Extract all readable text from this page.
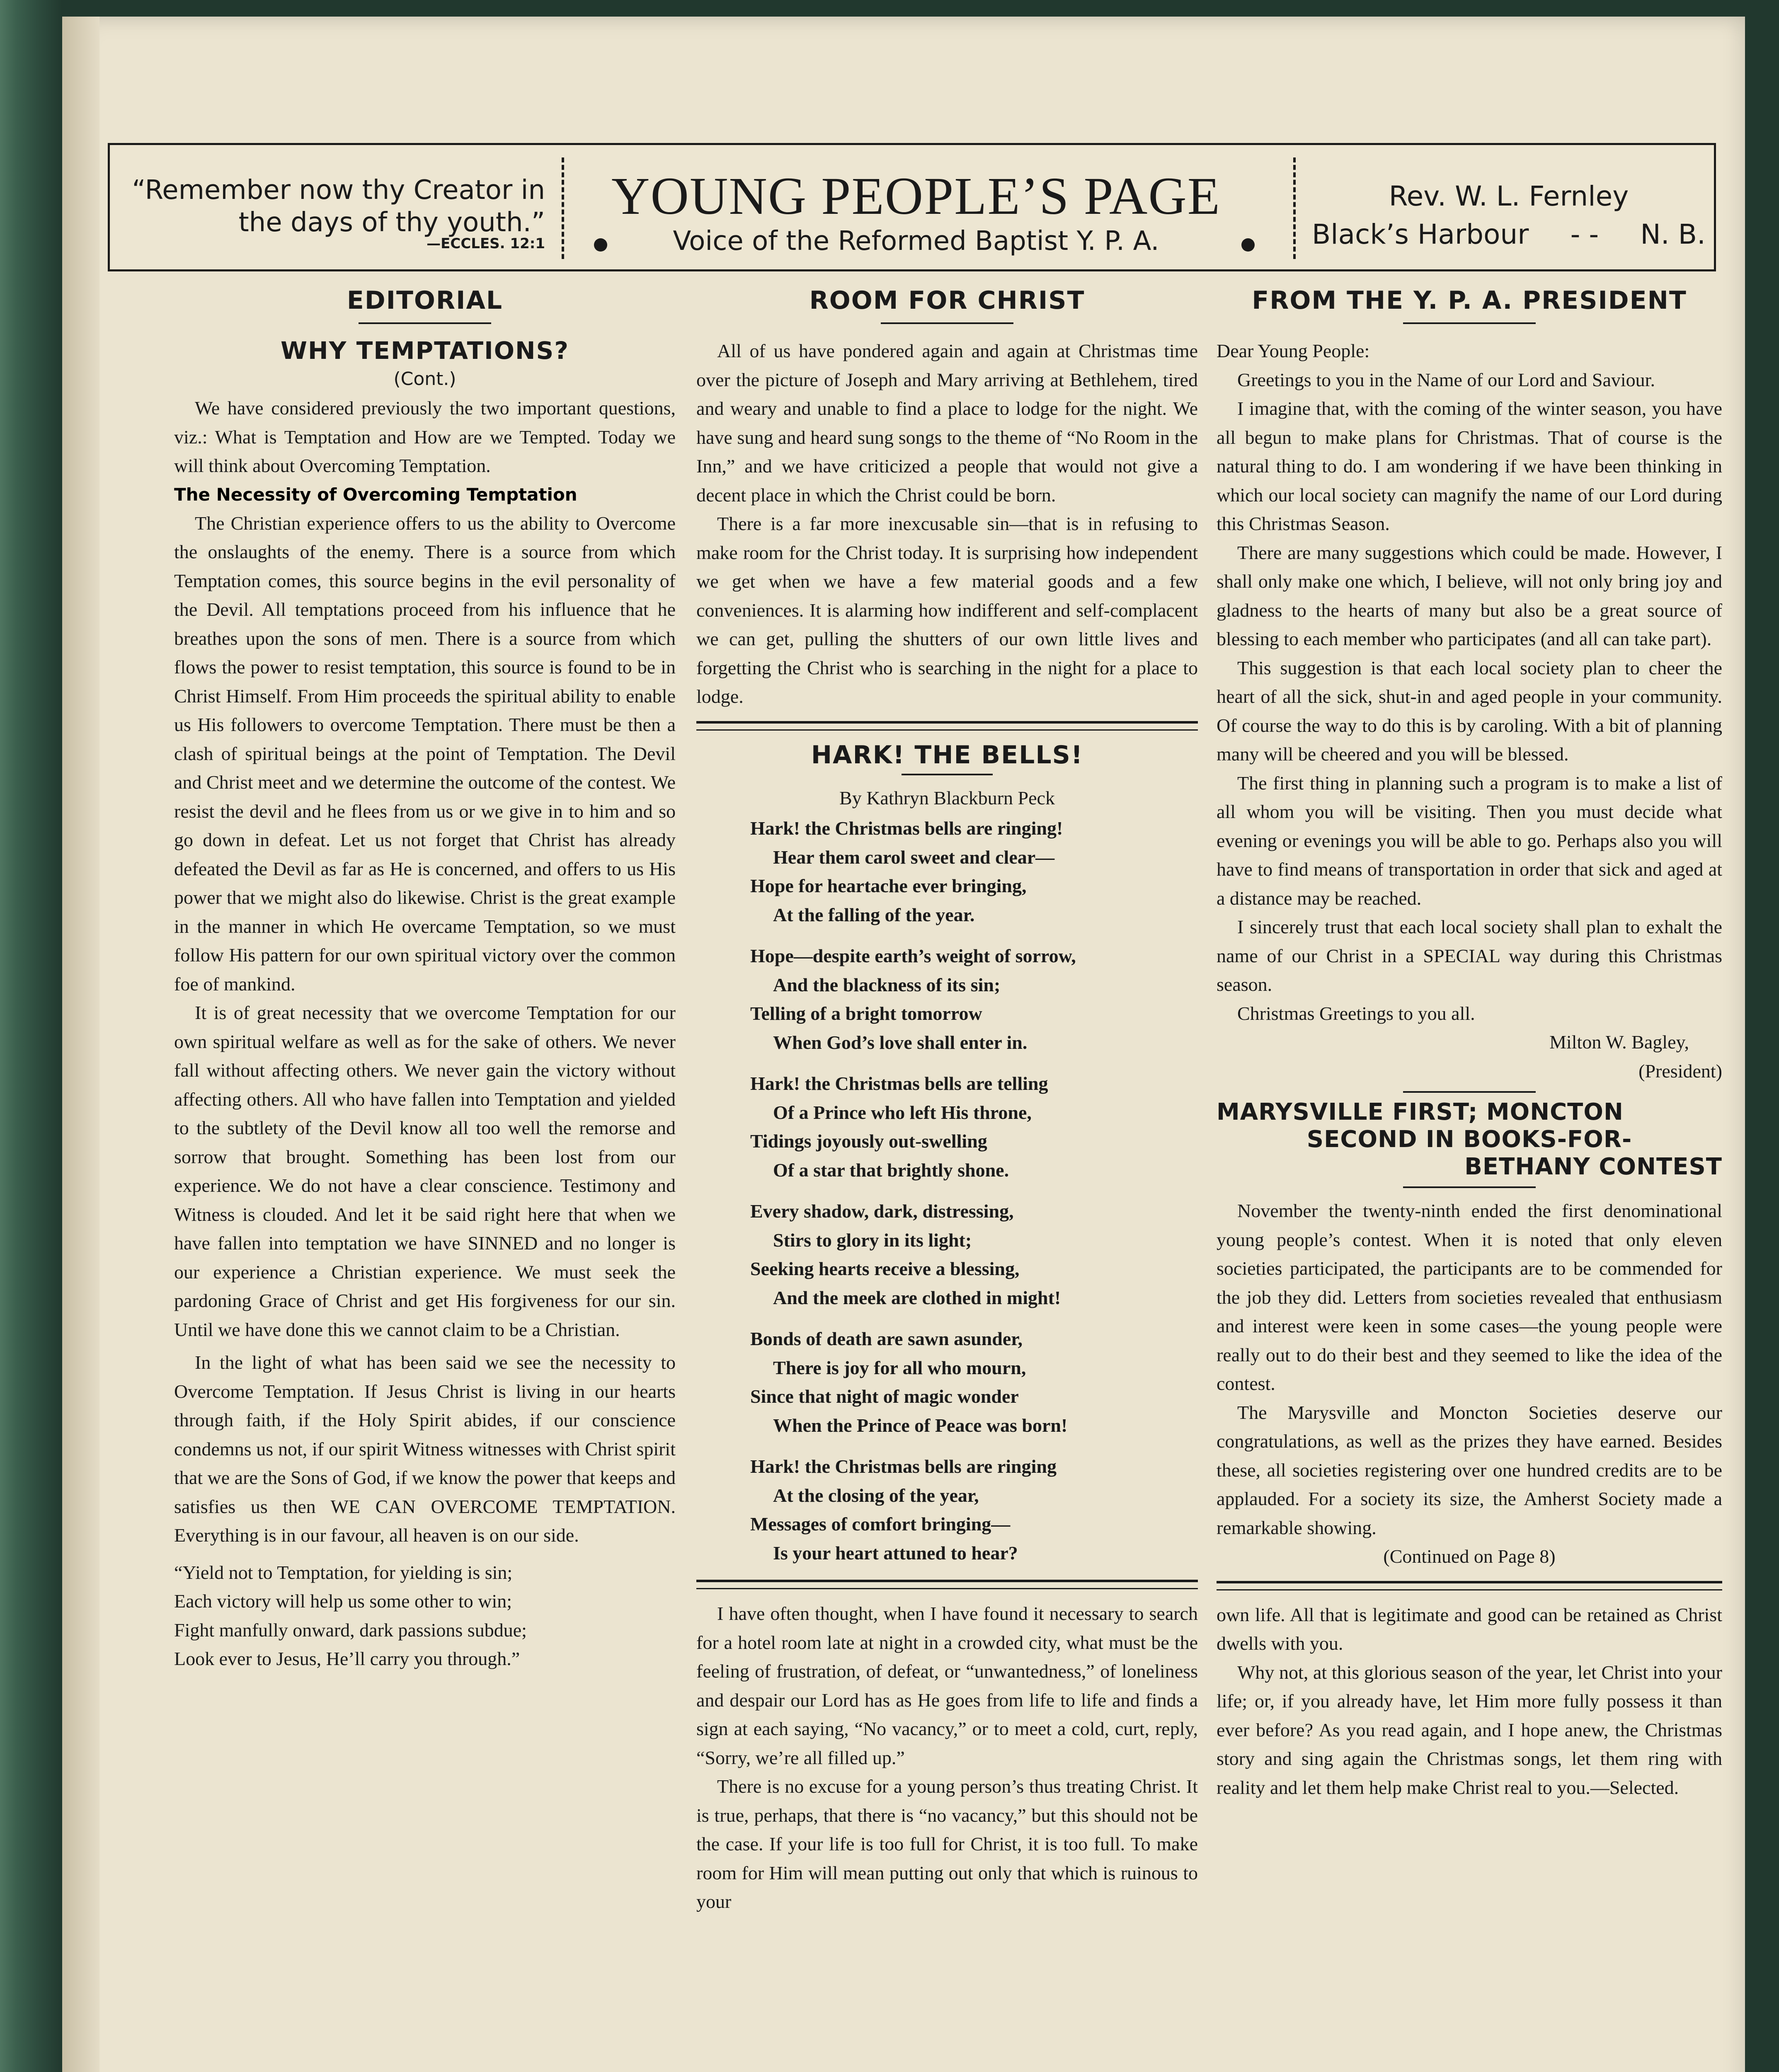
“Remember now thy Creator in the days of thy youth.”
—ECCLES. 12:1
YOUNG PEOPLE’S PAGE
Voice of the Reformed Baptist Y. P. A.
Rev. W. L. Fernley
Black’s Harbour - - N. B.
EDITORIAL
WHY TEMPTATIONS?
(Cont.)

We have considered previously the two important questions, viz.: What is Temptation and How are we Tempted. Today we will think about Overcoming Temptation.

The Necessity of Overcoming Temptation

The Christian experience offers to us the ability to Overcome the onslaughts of the enemy. There is a source from which Temptation comes, this source begins in the evil personality of the Devil. All temptations proceed from his influence that he breathes upon the sons of men. There is a source from which flows the power to resist temptation, this source is found to be in Christ Himself. From Him proceeds the spiritual ability to enable us His followers to overcome Temptation. There must be then a clash of spiritual beings at the point of Temptation. The Devil and Christ meet and we determine the outcome of the contest. We resist the devil and he flees from us or we give in to him and so go down in defeat. Let us not forget that Christ has already defeated the Devil as far as He is concerned, and offers to us His power that we might also do likewise. Christ is the great example in the manner in which He overcame Temptation, so we must follow His pattern for our own spiritual victory over the common foe of mankind.

It is of great necessity that we overcome Temptation for our own spiritual welfare as well as for the sake of others. We never fall without affecting others. We never gain the victory without affecting others. All who have fallen into Temptation and yielded to the subtlety of the Devil know all too well the remorse and sorrow that brought. Something has been lost from our experience. We do not have a clear conscience. Testimony and Witness is clouded. And let it be said right here that when we have fallen into temptation we have SINNED and no longer is our experience a Christian experience. We must seek the pardoning Grace of Christ and get His forgiveness for our sin. Until we have done this we cannot claim to be a Christian.

In the light of what has been said we see the necessity to Overcome Temptation. If Jesus Christ is living in our hearts through faith, if the Holy Spirit abides, if our conscience condemns us not, if our spirit Witness witnesses with Christ spirit that we are the Sons of God, if we know the power that keeps and satisfies us then WE CAN OVERCOME TEMPTATION. Everything is in our favour, all heaven is on our side.

“Yield not to Temptation, for yielding is sin;
Each victory will help us some other to win;
Fight manfully onward, dark passions subdue;
Look ever to Jesus, He’ll carry you through.”
ROOM FOR CHRIST

All of us have pondered again and again at Christmas time over the picture of Joseph and Mary arriving at Bethlehem, tired and weary and unable to find a place to lodge for the night. We have sung and heard sung songs to the theme of “No Room in the Inn,” and we have criticized a people that would not give a decent place in which the Christ could be born.

There is a far more inexcusable sin—that is in refusing to make room for the Christ today. It is surprising how independent we get when we have a few material goods and a few conveniences. It is alarming how indifferent and self-complacent we can get, pulling the shutters of our own little lives and forgetting the Christ who is searching in the night for a place to lodge.

HARK! THE BELLS!
By Kathryn Blackburn Peck
Hark! the Christmas bells are ringing!
Hear them carol sweet and clear—
Hope for heartache ever bringing,
At the falling of the year.
Hope—despite earth’s weight of sorrow,
And the blackness of its sin;
Telling of a bright tomorrow
When God’s love shall enter in.
Hark! the Christmas bells are telling
Of a Prince who left His throne,
Tidings joyously out-swelling
Of a star that brightly shone.
Every shadow, dark, distressing,
Stirs to glory in its light;
Seeking hearts receive a blessing,
And the meek are clothed in might!
Bonds of death are sawn asunder,
There is joy for all who mourn,
Since that night of magic wonder
When the Prince of Peace was born!
Hark! the Christmas bells are ringing
At the closing of the year,
Messages of comfort bringing—
Is your heart attuned to hear?

I have often thought, when I have found it necessary to search for a hotel room late at night in a crowded city, what must be the feeling of frustration, of defeat, or “unwantedness,” of loneliness and despair our Lord has as He goes from life to life and finds a sign at each saying, “No vacancy,” or to meet a cold, curt, reply, “Sorry, we’re all filled up.”

There is no excuse for a young person’s thus treating Christ. It is true, perhaps, that there is “no vacancy,” but this should not be the case. If your life is too full for Christ, it is too full. To make room for Him will mean putting out only that which is ruinous to your

FROM THE Y. P. A. PRESIDENT

Dear Young People:

Greetings to you in the Name of our Lord and Saviour.

I imagine that, with the coming of the winter season, you have all begun to make plans for Christmas. That of course is the natural thing to do. I am wondering if we have been thinking in which our local society can magnify the name of our Lord during this Christmas Season.

There are many suggestions which could be made. However, I shall only make one which, I believe, will not only bring joy and gladness to the hearts of many but also be a great source of blessing to each member who participates (and all can take part).

This suggestion is that each local society plan to cheer the heart of all the sick, shut-in and aged people in your community. Of course the way to do this is by caroling. With a bit of planning many will be cheered and you will be blessed.

The first thing in planning such a program is to make a list of all whom you will be visiting. Then you must decide what evening or evenings you will be able to go. Perhaps also you will have to find means of transportation in order that sick and aged at a distance may be reached.

I sincerely trust that each local society shall plan to exhalt the name of our Christ in a SPECIAL way during this Christmas season.

Christmas Greetings to you all.

Milton W. Bagley,
(President)
MARYSVILLE FIRST; MONCTON
SECOND IN BOOKS-FOR-
BETHANY CONTEST

November the twenty-ninth ended the first denominational young people’s contest. When it is noted that only eleven societies participated, the participants are to be commended for the job they did. Letters from societies revealed that enthusiasm and interest were keen in some cases—the young people were really out to do their best and they seemed to like the idea of the contest.

The Marysville and Moncton Societies deserve our congratulations, as well as the prizes they have earned. Besides these, all societies registering over one hundred credits are to be applauded. For a society its size, the Amherst Society made a remarkable showing.

(Continued on Page 8)

own life. All that is legitimate and good can be retained as Christ dwells with you.

Why not, at this glorious season of the year, let Christ into your life; or, if you already have, let Him more fully possess it than ever before? As you read again, and I hope anew, the Christmas story and sing again the Christmas songs, let them ring with reality and let them help make Christ real to you.—Selected.
